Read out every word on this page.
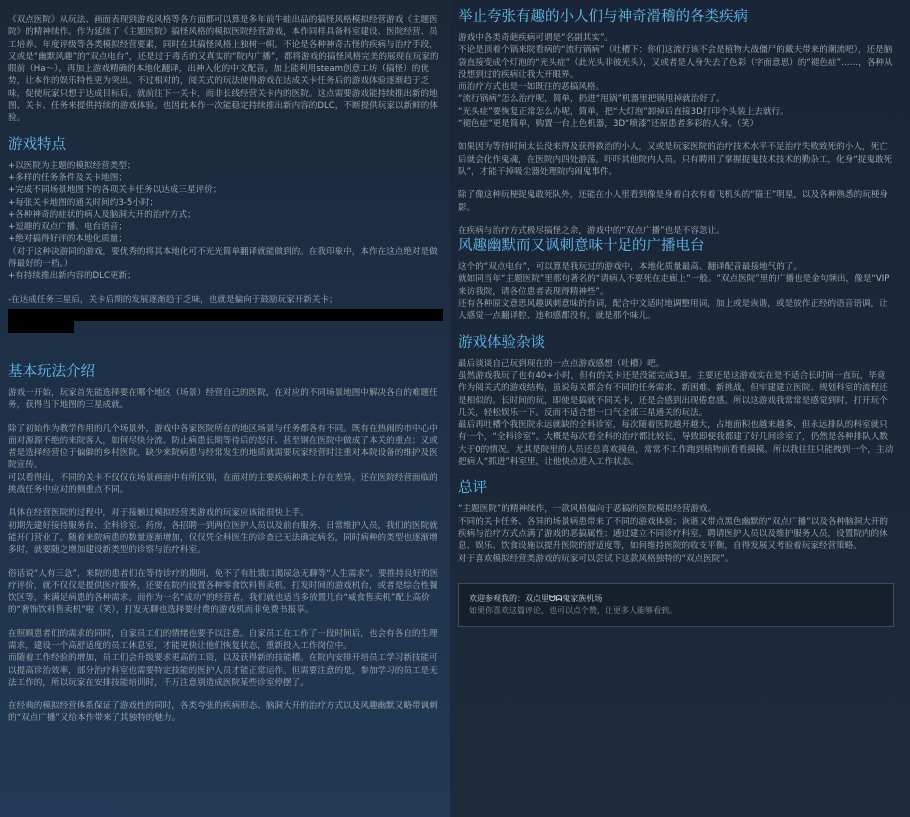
《双点医院》从玩法、画面表现到游戏风格等各方面都可以算是多年前牛蛙出品的搞怪风格模拟经营游戏《主题医院》的精神续作。作为延续了《主题医院》搞怪风格的模拟医院经营游戏，本作同样具备科室建设、医院经营、员工培养、年度评级等各类模拟经营要素，同时在其搞怪风格上独树一帜。不论是各种神奇古怪的疾病与治疗手段，又或是“幽默风趣”的“双点电台”，还是过于毒舌的又真实的“院内广播”，都将游戏的搞怪风格完美的展现在玩家的眼前（Ha～）。再加上游戏精确的本地化翻译，出神入化的中文配音，加上能利用steam创意工坊（搞怪）的优势，让本作的娱乐特性更为突出。不过相对的，阅关式的玩法使得游戏在达成关卡任务后的游戏体验逐渐趋于乏味，促使玩家只想于达成目标后，就前往下一关卡，而非长线经营关卡内的医院。这点需要游戏能持续推出新的地图、关卡、任务来提供持续的游戏体验。也因此本作一次能稳定持续推出新内容的DLC，不断提供玩家以新鲜的体验。

游戏特点

+以医院为主题的模拟经营类型；
+多样的任务条件及关卡地图；
+完成不同场景地图下的各项关卡任务以达成三星评价；
+每张关卡地图的通关时间约3-5小时；
+各种神奇的症状的病人及脑洞大开的治疗方式；
+逗趣的双点广播、电台语音；
+绝对搞得好评的本地化质量；
（对于这种决游同的游戏，要优秀的将其本地化可不光光简单翻译就能做到的。在我印象中，本作在这点绝对是做得最好的一档。）
+有持续推出新内容的DLC更新；

-在达成任务三星后，关卡后期的发展逐渐趋于乏味，也就是偏向于鼓励玩家开新关卡；

基本玩法介绍

游戏一开始，玩家首先能选择要在哪个地区（场景）经营自己的医院，在对应的不同场景地图中解决各自的难题任务，获得当下地图的三星成就。

除了初始作为教学作用的几个场景外，游戏中各家医院所在的地区场景与任务都各有不同。既有在热闹的市中心中面对源源不绝的来院客人，如何尽快分流、防止病患长期等待后的怒汗、甚至钢在医院中做成了本关的重点；又或者是选择经营位于偏僻的乡村医院，缺少来院病患与经常发生的地质就需要玩家经营时注重对本院设备的维护及医院宣传。
可以看得出，不同的关卡不仅仅在场景画面中有所区别，在面对的主要疾病种类上存在差异，还在医院经营面临的挑战任务中应对的侧重点不同。

具体在经营医院的过程中，对于接触过模拟经营类游戏的玩家应该能很快上手。
初期先建好接待服务台、全科诊室、药房，各招聘一到两位医护人员以及前台服务、日常维护人员，我们的医院就能开门营业了。随着来院病患的数量逐渐增加，仅仅凭全科医生的诊查已无法确定病名，同时病种的类型也逐渐增多时，就要随之增加建设新类型的诊察与治疗科室。

俗话说“人有三急”，来院的患者们在等待诊疗的期间，免不了有肚饿口渴尿急无聊等“人生需求”。要推持良好的医疗评价，就不仅仅是提供医疗服务，还要在院内设置各种零食饮料售卖机、打发时间的游戏机台，或者是综合性餐饮区等，来满足病患的各种需求。而作为一名“成功”的经营者，我们就也适当多放置几台“威食售卖机”配上高价的“奢饰饮料售卖机”啦（笑），打发无聊也选择要付费的游戏机而非免费书报享。

在照顾患者们的需求的同时，自家员工们的情绪也要予以注意。自家员工在工作了一段时间后，也会有各自的生理需求，建设一个高舒适度的员工休息室，才能更快让他们恢复状态，重新投入工作岗位中。
而随着工作经验的增加，员工们会升级要求更高的工资，以及获得新的技能槽。在院内安排开培员工学习新技能可以提高诊治效率，部分治疗科室也需要特定技能的医护人员才能正常运作。但需要注意的是，参加学习的员工是无法工作的，所以玩家在安排技能培训时，千万注意别造成医院某些诊室停摆了。

在经典的模拟经营体系保证了游戏性的同时，各类夸张的疾病形态、脑洞大开的治疗方式以及风趣幽默又略带讽刺的“双点广播”又给本作带来了其独特的魅力。

举止夸张有趣的小人们与神奇滑稽的各类疾病

游戏中各类奇葩疾病可谓是“名副其实”。
不论是顶着个锅来院看病的“流行锅病”（吐槽下：你们这流行该不会是植物大战僵尸的戴夫带来的潮流吧），还是脑袋直接变成个灯泡的“光头症”（此光头非彼光头），又或者是人身失去了色彩（字面意思）的“褪色症”……，各种从没想到过的疾病让我大开眼界。
而治疗方式也是一如既往的恶搞风格。
“流行锅病”怎么治疗呢，简单，扔进“甩锅”机器里把锅甩掉就治好了。
“光头症”要恢复正常怎么办呢，简单，把“大灯泡”卸掉后直接3D打印个头装上去就行。
“褪色症”更是简单，购置一台上色机器，3D“喷漆”还原患者多彩的人身。（笑）

如果因为等待时间太长没来得及获得救治的小人，又或是玩家医院的治疗技术水平不足治疗失败致死的小人，死亡后就会化作鬼魂，在医院内四处游荡，吓吓其他院内人员。只有聘用了掌握捉鬼技术技术的勤杂工，化身“捉鬼敢死队”，才能干掉吸尘器处理院内闹鬼事件。

除了像这种玩梗捉鬼敢死队外，还能在小人里看到像是身着白衣有着飞机头的“猫王”明星，以及各种熟悉的玩梗身影。

在疾病与治疗方式极尽搞怪之余，游戏中的“双点广播”也是不容忽让。

风趣幽默而又讽刺意味十足的广播电台

这个的“双点电台”，可以算是我玩过的游戏中，本地化质量最高、翻译配音最接地气的了。
就如同当年“主题医院”里那句著名的“请病人不要死在走廊上”一般。“双点医院”里的广播也是金句频出，像是“VIP来访我院，请各位患者表现得精神些”。
还有各种原文意思风趣讽刺意味的台词，配合中文适时地调整用词，加上或是诙谐，或是放作正经的语音语调，让人感觉一点翻译腔、违和感都没有，就是那个味儿。

游戏体验杂谈

最后谈谈自己玩到现在的一点点游戏感想（吐槽）吧。
虽然游戏我玩了也有40+小时，但有的关卡还是没能完成3星。主要还是这游戏实在是不适合长时间一直玩，毕竟作为阅关式的游戏结构，虽说每关都会有不同的任务需求、新困难、新挑战，但牢建建立医院、规划科室的流程还是相似的。长时间的玩，即使是搞就不同关卡，还是会感到出现倦怠感。所以这游戏我常常是感觉到时，打开玩个几关，轻松娱乐一下。反而不适合想一口气全部三星通关的玩法。
最后再吐槽个我医院永远就缺的全科诊室，每次随着医院越开越大，占地面积也越来越多，但永远排队的科室就只有一个，“全科诊室”。大概是每次看全科的治疗都比较长，导致即便我都建了好几间诊室了，仍然是各种排队人数大于0的情况。尤其是院里的人员还总喜欢摸鱼，常常不工作跑到植物前看看摸摸。所以我往往只能拽到一个，主动把病人“抓进”科室里，让他快点进入工作状态。

总评

“主题医院”的精神续作，一款风格偏向于恶搞的医院模拟经营游戏。
不同的关卡任务、各异的场景病患带来了不同的游戏体验；诙谐又带点黑色幽默的“双点广播”以及各种脑洞大开的疾病与治疗方式点满了游戏的恶搞属性；通过建立不同诊疗科室，聘请医护人员以及维护服务人员，设置院内的休息、娱乐、饮食设施以提升医院的舒适度等，如何维持医院的收支平衡，自得发展又考验着玩家经营策略。
对于喜欢模拟经营类游戏的玩家可以尝试下这款风格独特的“双点医院”。

欢迎参观我的：双点里ᗢᗣ鬼家族机场

如果你喜欢这篇评论，也可以点个赞，让更多人能够看到。
